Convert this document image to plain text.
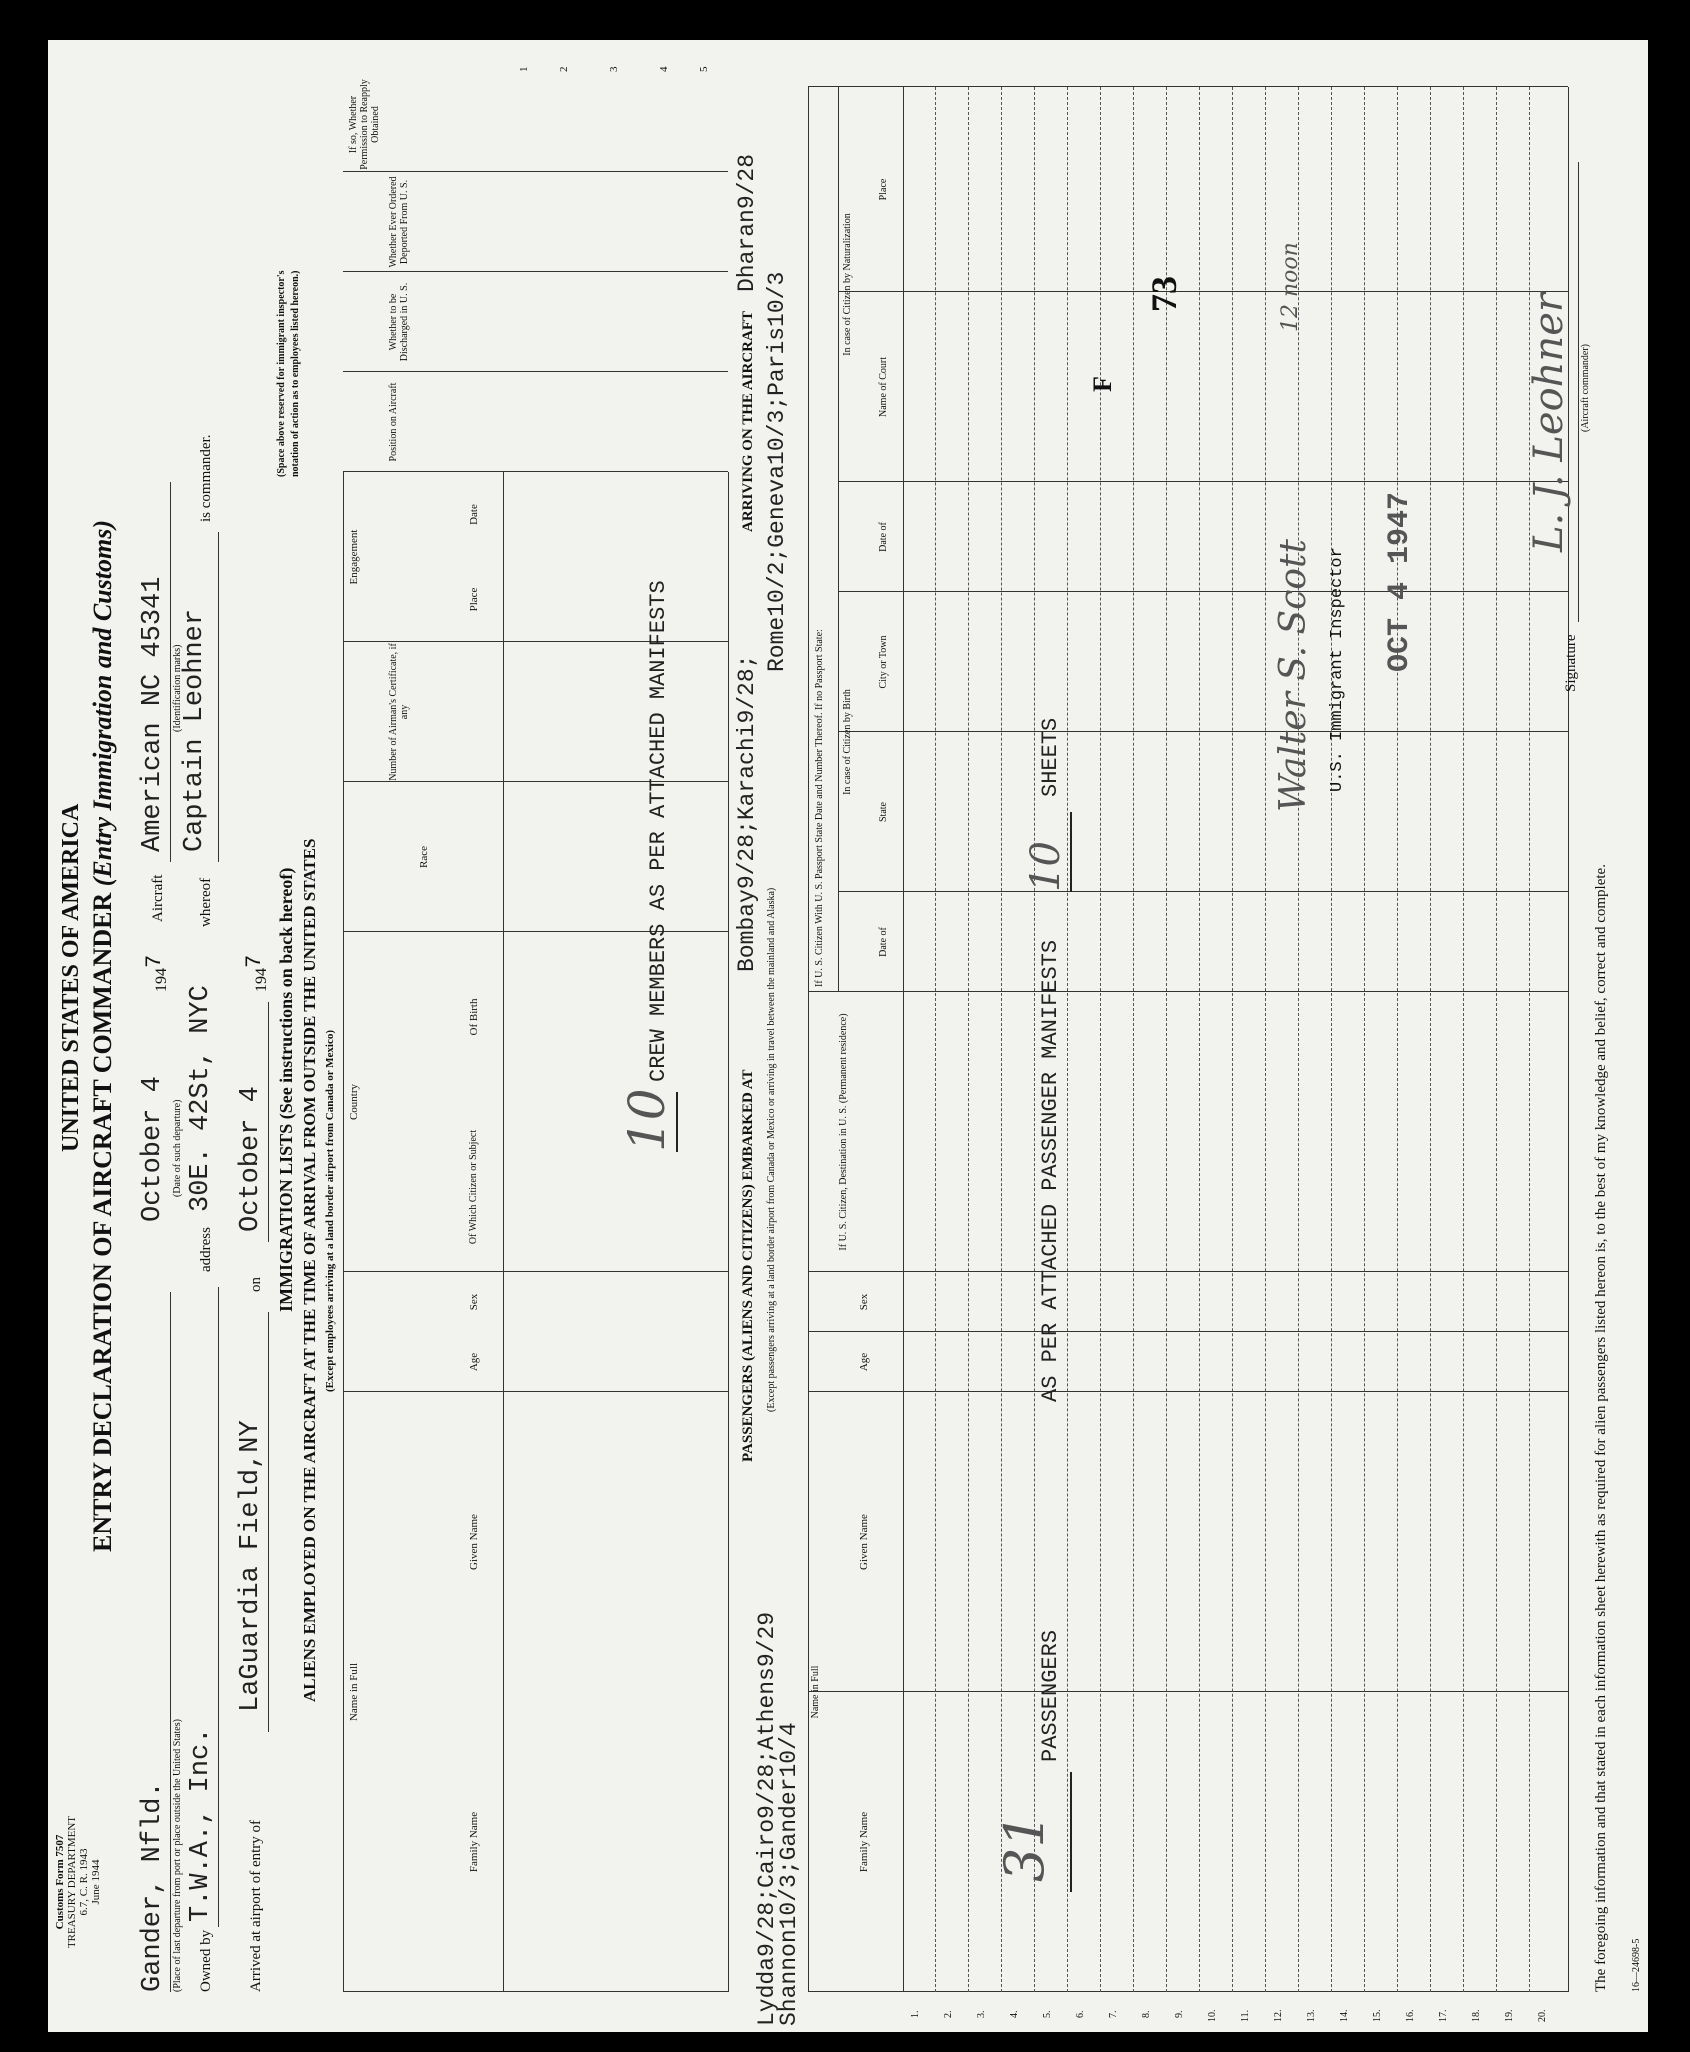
Customs Form 7507 TREASURY DEPARTMENT 6.7, C. R. 1943 June 1944
UNITED STATES OF AMERICA ENTRY DECLARATION OF AIRCRAFT COMMANDER (Entry Immigration and Customs)
Gander, Nfld. (Place of last departure from port or place outside the United States)
October 4 (Date of such departure)
1947
Aircraft
American NC 45341 (Identification marks)
Owned by
T.W.A., Inc.
address
30E. 42St, NYC
whereof
Captain Leohner
is commander.
Arrived at airport of entry of
LaGuardia Field,NY
on
October 4
1947 IMMIGRATION LISTS (See instructions on back hereof) ALIENS EMPLOYED ON THE AIRCRAFT AT THE TIME OF ARRIVAL FROM OUTSIDE THE UNITED STATES (Except employees arriving at a land border airport from Canada or Mexico)
(Space above reserved for immigrant inspector's notation of action as to employees listed hereon.)
Name in Full
Family Name
Given Name
Age
Sex
Country
Of Which Citizen or Subject
Of Birth
Race
Number of Airman's Certificate, if any
Engagement
Place
Date
Position on Aircraft
Whether to be Discharged in U. S.
Whether Ever Ordered Deported From U. S.
If so, Whether Permission to Reapply Obtained
1	2	3	4	5
10
CREW MEMBERS AS PER ATTACHED MANIFESTS
PASSENGERS (ALIENS AND CITIZENS) EMBARKED AT
Bombay9/28;Karachi9/28;
ARRIVING ON THE AIRCRAFT
Dharan9/28
(Except passengers arriving at a land border airport from Canada or Mexico or arriving in travel between the mainland and Alaska)
Lydda9/28;Cairo9/28;Athens9/29
Rome10/2;Geneva10/3;Paris10/3
Shannon10/3;Gander10/4
Name in Full
Family Name
Given Name
Age
Sex
If U. S. Citizen, Destination in U. S. (Permanent residence)
If U. S. Citizen With U. S. Passport State Date and Number Thereof. If no Passport State: In case of Citizen by Birth
In case of Citizen by Naturalization
Date of
State
City or Town
Date of
Name of Court
Place
1. 2. 3. 4. 5. 6. 7. 8. 9. 10. 11. 12. 13. 14. 15. 16. 17. 18. 19. 20.
31
PASSENGERS
AS PER ATTACHED PASSENGER MANIFESTS
10
SHEETS
F
73
Walter S. Scott U.S. Immigrant Inspector OCT 4 1947
12 noon
The foregoing information and that stated in each information sheet herewith as required for alien passengers listed hereon is, to the best of my knowledge and belief, correct and complete. 16—24698-5
Signature
L. J. Leohner (Aircraft commander)
